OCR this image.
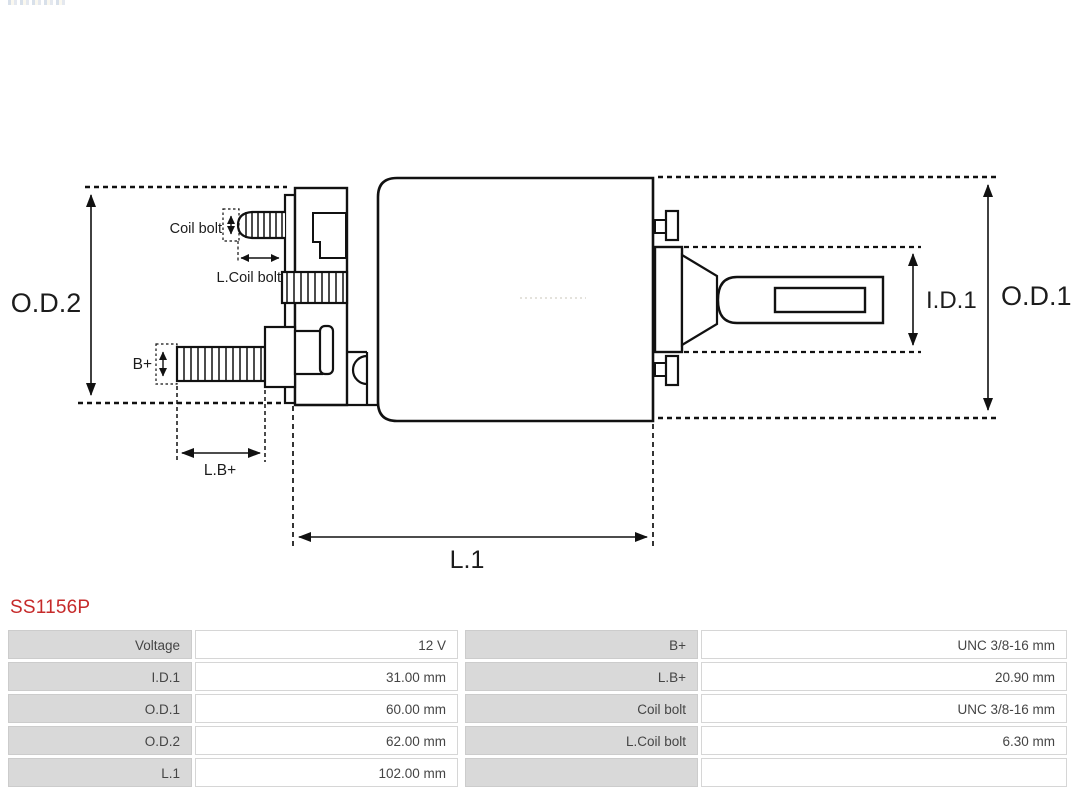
O.D.2	O.D.1
Coil bolt
L.Coil bolt
B+
L.B+
I.D.1
L.1
SS1156P
Voltage	12 V	B+	UNC 3/8-16 mm
I.D.1	31.00 mm	L.B+	20.90 mm
O.D.1	60.00 mm	Coil bolt	UNC 3/8-16 mm
O.D.2	62.00 mm	L.Coil bolt	6.30 mm
L.1	102.00 mm
